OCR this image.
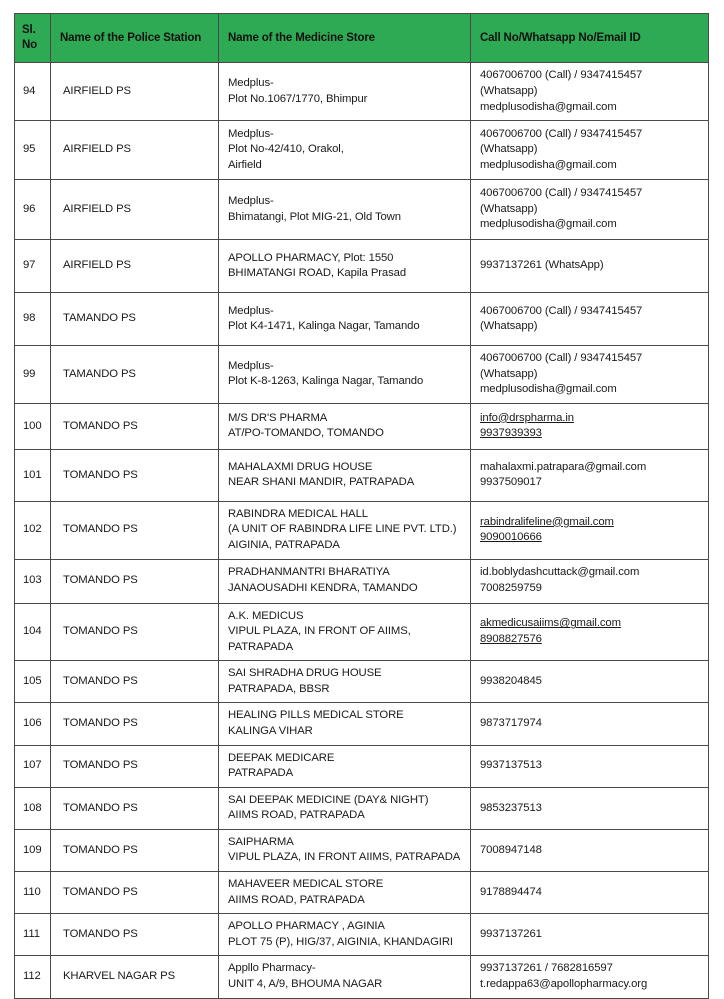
Sl.
No	Name of the Police Station	Name of the Medicine Store	Call No/Whatsapp No/Email ID
94	AIRFIELD PS	Medplus-
Plot No.1067/1770, Bhimpur	4067006700 (Call) / 9347415457
(Whatsapp)
medplusodisha@gmail.com

95	AIRFIELD PS	Medplus-
Plot No-42/410, Orakol,
Airfield	4067006700 (Call) / 9347415457
(Whatsapp)
medplusodisha@gmail.com

96	AIRFIELD PS	Medplus-
Bhimatangi, Plot MIG-21, Old Town	4067006700 (Call) / 9347415457
(Whatsapp)
medplusodisha@gmail.com

97	AIRFIELD PS	APOLLO PHARMACY, Plot: 1550
BHIMATANGI ROAD, Kapila Prasad	9937137261 (WhatsApp)

98	TAMANDO PS	Medplus-
Plot K4-1471, Kalinga Nagar, Tamando	4067006700 (Call) / 9347415457
(Whatsapp)

99	TAMANDO PS	Medplus-
Plot K-8-1263, Kalinga Nagar, Tamando	4067006700 (Call) / 9347415457
(Whatsapp)
medplusodisha@gmail.com

100	TOMANDO PS	M/S DR'S PHARMA
AT/PO-TOMANDO, TOMANDO	info@drspharma.in
9937939393

101	TOMANDO PS	MAHALAXMI DRUG HOUSE
NEAR SHANI MANDIR, PATRAPADA	mahalaxmi.patrapara@gmail.com
9937509017

102	TOMANDO PS	RABINDRA MEDICAL HALL
(A UNIT OF RABINDRA LIFE LINE PVT. LTD.)
AIGINIA, PATRAPADA	rabindralifeline@gmail.com
9090010666

103	TOMANDO PS	PRADHANMANTRI BHARATIYA
JANAOUSADHI KENDRA, TAMANDO	id.boblydashcuttack@gmail.com
7008259759

104	TOMANDO PS	A.K. MEDICUS
VIPUL PLAZA, IN FRONT OF AIIMS,
PATRAPADA	akmedicusaiims@gmail.com
8908827576

105	TOMANDO PS	SAI SHRADHA DRUG HOUSE
PATRAPADA, BBSR	9938204845

106	TOMANDO PS	HEALING PILLS MEDICAL STORE
KALINGA VIHAR	9873717974

107	TOMANDO PS	DEEPAK MEDICARE
PATRAPADA	9937137513

108	TOMANDO PS	SAI DEEPAK MEDICINE (DAY& NIGHT)
AIIMS ROAD, PATRAPADA	9853237513

109	TOMANDO PS	SAIPHARMA
VIPUL PLAZA, IN FRONT AIIMS, PATRAPADA	7008947148

110	TOMANDO PS	MAHAVEER MEDICAL STORE
AIIMS ROAD, PATRAPADA	9178894474

111	TOMANDO PS	APOLLO PHARMACY , AGINIA
PLOT 75 (P), HIG/37, AIGINIA, KHANDAGIRI	9937137261

112	KHARVEL NAGAR PS	Appllo Pharmacy-
UNIT 4, A/9, BHOUMA NAGAR	9937137261 / 7682816597
t.redappa63@apollopharmacy.org
